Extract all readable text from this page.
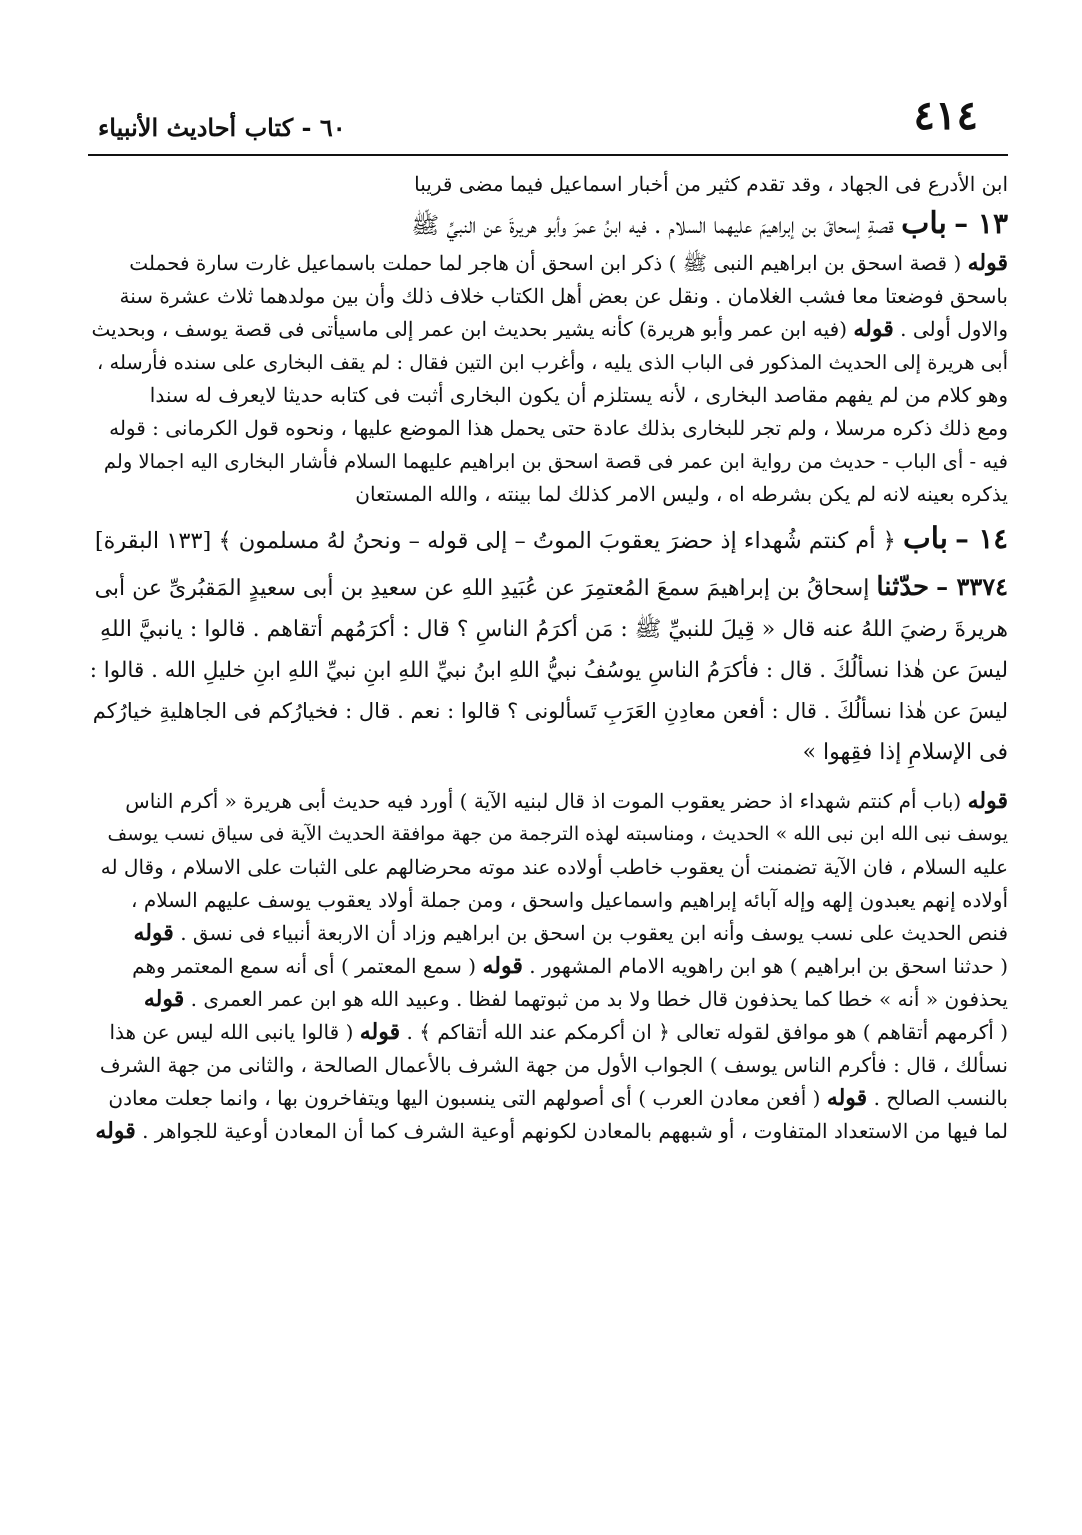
٤١٤
٦٠ - كتاب أحاديث الأنبياء
ابن الأدرع فى الجهاد ، وقد تقدم كثير من أخبار اسماعيل فيما مضى قريبا
١٣ – باب قصةِ إسحاقَ بن إبراهيمَ عليهما السلام . فيه ابنُ عمرَ وأبو هريرةَ عن النبيِّ ﷺ
قوله ( قصة اسحق بن ابراهيم النبى ﷺ ) ذكر ابن اسحق أن هاجر لما حملت باسماعيل غارت سارة فحملت
باسحق فوضعتا معا فشب الغلامان . ونقل عن بعض أهل الكتاب خلاف ذلك وأن بين مولدهما ثلاث عشرة سنة
والاول أولى . قوله (فيه ابن عمر وأبو هريرة) كأنه يشير بحديث ابن عمر إلى ماسيأتى فى قصة يوسف ، وبحديث
أبى هريرة إلى الحديث المذكور فى الباب الذى يليه ، وأغرب ابن التين فقال : لم يقف البخارى على سنده فأرسله ،
وهو كلام من لم يفهم مقاصد البخارى ، لأنه يستلزم أن يكون البخارى أثبت فى كتابه حديثا لايعرف له سندا
ومع ذلك ذكره مرسلا ، ولم تجر للبخارى بذلك عادة حتى يحمل هذا الموضع عليها ، ونحوه قول الكرمانى : قوله
فيه - أى الباب - حديث من رواية ابن عمر فى قصة اسحق بن ابراهيم عليهما السلام فأشار البخارى اليه اجمالا ولم
يذكره بعينه لانه لم يكن بشرطه اه ، وليس الامر كذلك لما بينته ، والله المستعان
١٤ – باب ﴿ أم كنتم شُهداء إذ حضرَ يعقوبَ الموتُ – إلى قوله – ونحنُ لهُ مسلمون ﴾ [١٣٣ البقرة]
٣٣٧٤ – حدّثنا إسحاقُ بن إبراهيمَ سمعَ المُعتمِرَ عن عُبَيدِ اللهِ عن سعيدِ بن أبى سعيدٍ المَقبُرىِّ عن أبى
هريرةَ رضيَ اللهُ عنه قال « قِيلَ للنبيِّ ﷺ : مَن أكرَمُ الناسِ ؟ قال : أكرَمُهم أتقاهم . قالوا : يانبيَّ اللهِ
ليسَ عن هٰذا نسألُكَ . قال : فأكرَمُ الناسِ يوسُفُ نبيُّ اللهِ ابنُ نبيِّ اللهِ ابنِ نبيِّ اللهِ ابنِ خليلِ الله . قالوا :
ليسَ عن هٰذا نسألُكَ . قال : أفعن معادِنِ العَرَبِ تَسألونى ؟ قالوا : نعم . قال : فخيارُكم فى الجاهليةِ خيارُكم
فى الإسلامِ إذا فقِهوا »
قوله (باب أم كنتم شهداء اذ حضر يعقوب الموت اذ قال لبنيه الآية ) أورد فيه حديث أبى هريرة « أكرم الناس
يوسف نبى الله ابن نبى الله » الحديث ، ومناسبته لهذه الترجمة من جهة موافقة الحديث الآية فى سياق نسب يوسف
عليه السلام ، فان الآية تضمنت أن يعقوب خاطب أولاده عند موته محرضالهم على الثبات على الاسلام ، وقال له
أولاده إنهم يعبدون إلهه وإله آبائه إبراهيم واسماعيل واسحق ، ومن جملة أولاد يعقوب يوسف عليهم السلام ،
فنص الحديث على نسب يوسف وأنه ابن يعقوب بن اسحق بن ابراهيم وزاد أن الاربعة أنبياء فى نسق . قوله
( حدثنا اسحق بن ابراهيم ) هو ابن راهويه الامام المشهور . قوله ( سمع المعتمر ) أى أنه سمع المعتمر وهم
يحذفون « أنه » خطا كما يحذفون قال خطا ولا بد من ثبوتهما لفظا . وعبيد الله هو ابن عمر العمرى . قوله
( أكرمهم أتقاهم ) هو موافق لقوله تعالى ﴿ ان أكرمكم عند الله أتقاكم ﴾ . قوله ( قالوا يانبى الله ليس عن هذا
نسألك ، قال : فأكرم الناس يوسف ) الجواب الأول من جهة الشرف بالأعمال الصالحة ، والثانى من جهة الشرف
بالنسب الصالح . قوله ( أفعن معادن العرب ) أى أصولهم التى ينسبون اليها ويتفاخرون بها ، وانما جعلت معادن
لما فيها من الاستعداد المتفاوت ، أو شبههم بالمعادن لكونهم أوعية الشرف كما أن المعادن أوعية للجواهر . قوله
